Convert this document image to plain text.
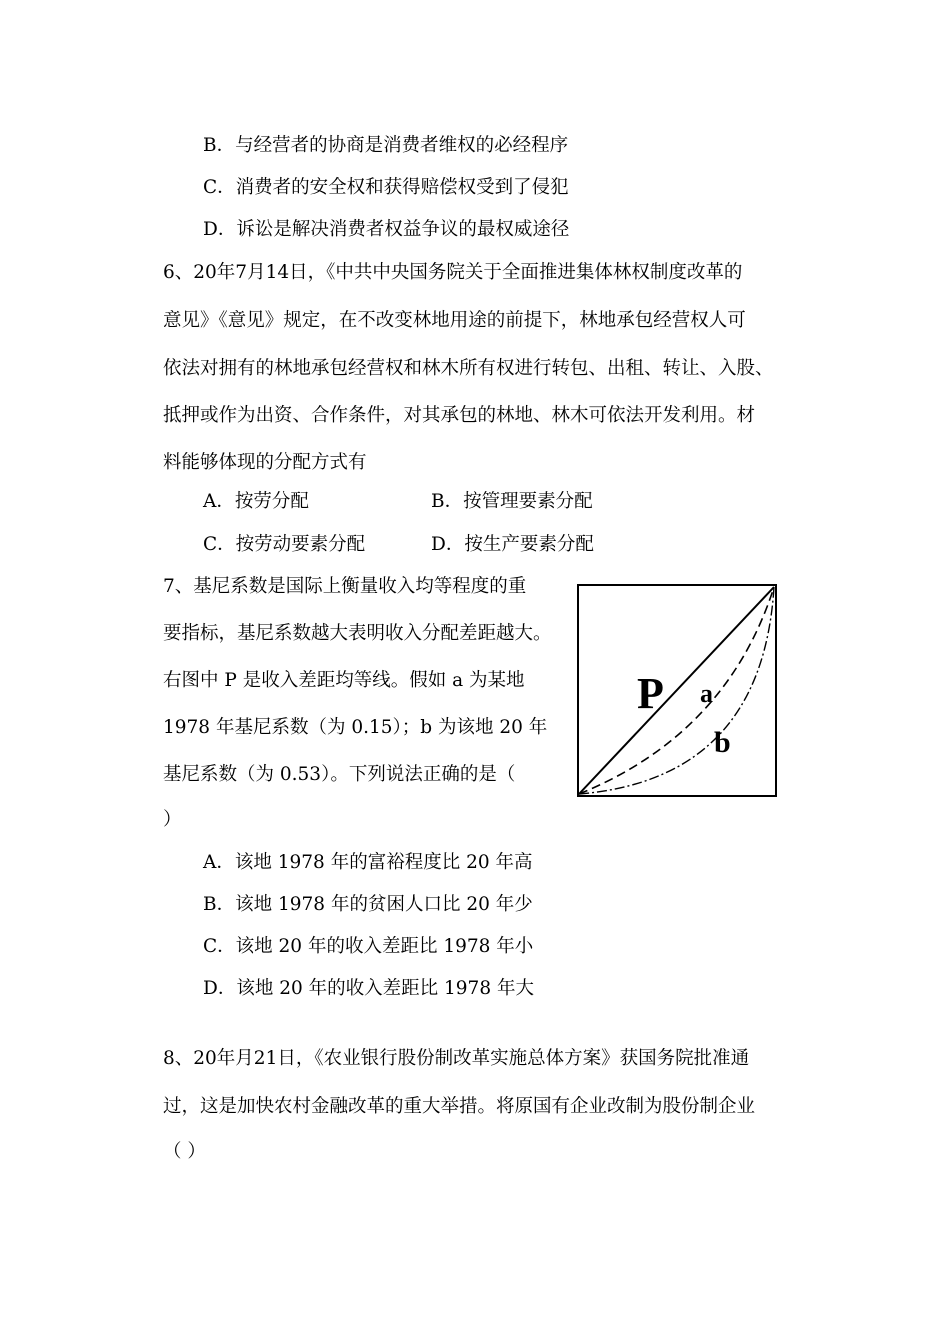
B．与经营者的协商是消费者维权的必经程序
C．消费者的安全权和获得赔偿权受到了侵犯
D．诉讼是解决消费者权益争议的最权威途径
6、20年7月14日，《中共中央国务院关于全面推进集体林权制度改革的
意见》《意见》规定，在不改变林地用途的前提下，林地承包经营权人可
依法对拥有的林地承包经营权和林木所有权进行转包、出租、转让、入股、
抵押或作为出资、合作条件，对其承包的林地、林木可依法开发利用。材
料能够体现的分配方式有
A．按劳分配	B．按管理要素分配
C．按劳动要素分配	D．按生产要素分配
7、基尼系数是国际上衡量收入均等程度的重
要指标，基尼系数越大表明收入分配差距越大。
右图中 P 是收入差距均等线。假如 a 为某地
1978 年基尼系数（为 0.15）；b 为该地 20 年
基尼系数（为 0.53）。下列说法正确的是（
）
P a
b
A．该地 1978 年的富裕程度比 20 年高
B．该地 1978 年的贫困人口比 20 年少
C．该地 20 年的收入差距比 1978 年小
D．该地 20 年的收入差距比 1978 年大
8、20年月21日，《农业银行股份制改革实施总体方案》获国务院批准通
过，这是加快农村金融改革的重大举措。将原国有企业改制为股份制企业
（ ）
